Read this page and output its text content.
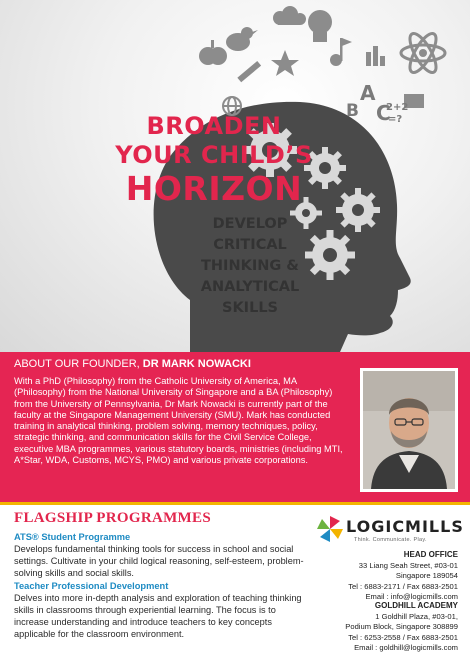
A
B C
2+2
=?
BROADEN
YOUR CHILD’S
HORIZON
DEVELOP
CRITICAL
THINKING &
ANALYTICAL
SKILLS
ABOUT OUR FOUNDER, DR MARK NOWACKI
With a PhD (Philosophy) from the Catholic University of America, MA (Philosophy) from the National University of Singapore and a BA (Philosophy) from the University of Pennsylvania, Dr Mark Nowacki is currently part of the faculty at the Singapore Management University (SMU). Mark has conducted training in analytical thinking, problem solving, memory techniques, policy, strategic thinking, and communication skills for the Civil Service College, executive MBA programmes, various statutory boards, ministries (including MTI, A*Star, WDA, Customs, MCYS, PMO) and various private corporations.
FLAGSHIP PROGRAMMES
ATS® Student Programme
Develops fundamental thinking tools for success in school and social settings. Cultivate in your child logical reasoning, self-esteem, problem-solving skills and social skills.
Teacher Professional Development
Delves into more in-depth analysis and exploration of teaching thinking skills in classrooms through experiential learning. The focus is to increase understanding and introduce teachers to key concepts applicable for the classroom environment.
LOGICMILLS
Think. Communicate. Play.
HEAD OFFICE
33 Liang Seah Street, #03-01
Singapore 189054
Tel : 6883-2171 / Fax 6883-2501
Email : info@logicmills.com
GOLDHILL ACADEMY
1 Goldhill Plaza, #03-01,
Podium Block, Singapore 308899
Tel : 6253-2558 / Fax 6883-2501
Email : goldhill@logicmills.com
